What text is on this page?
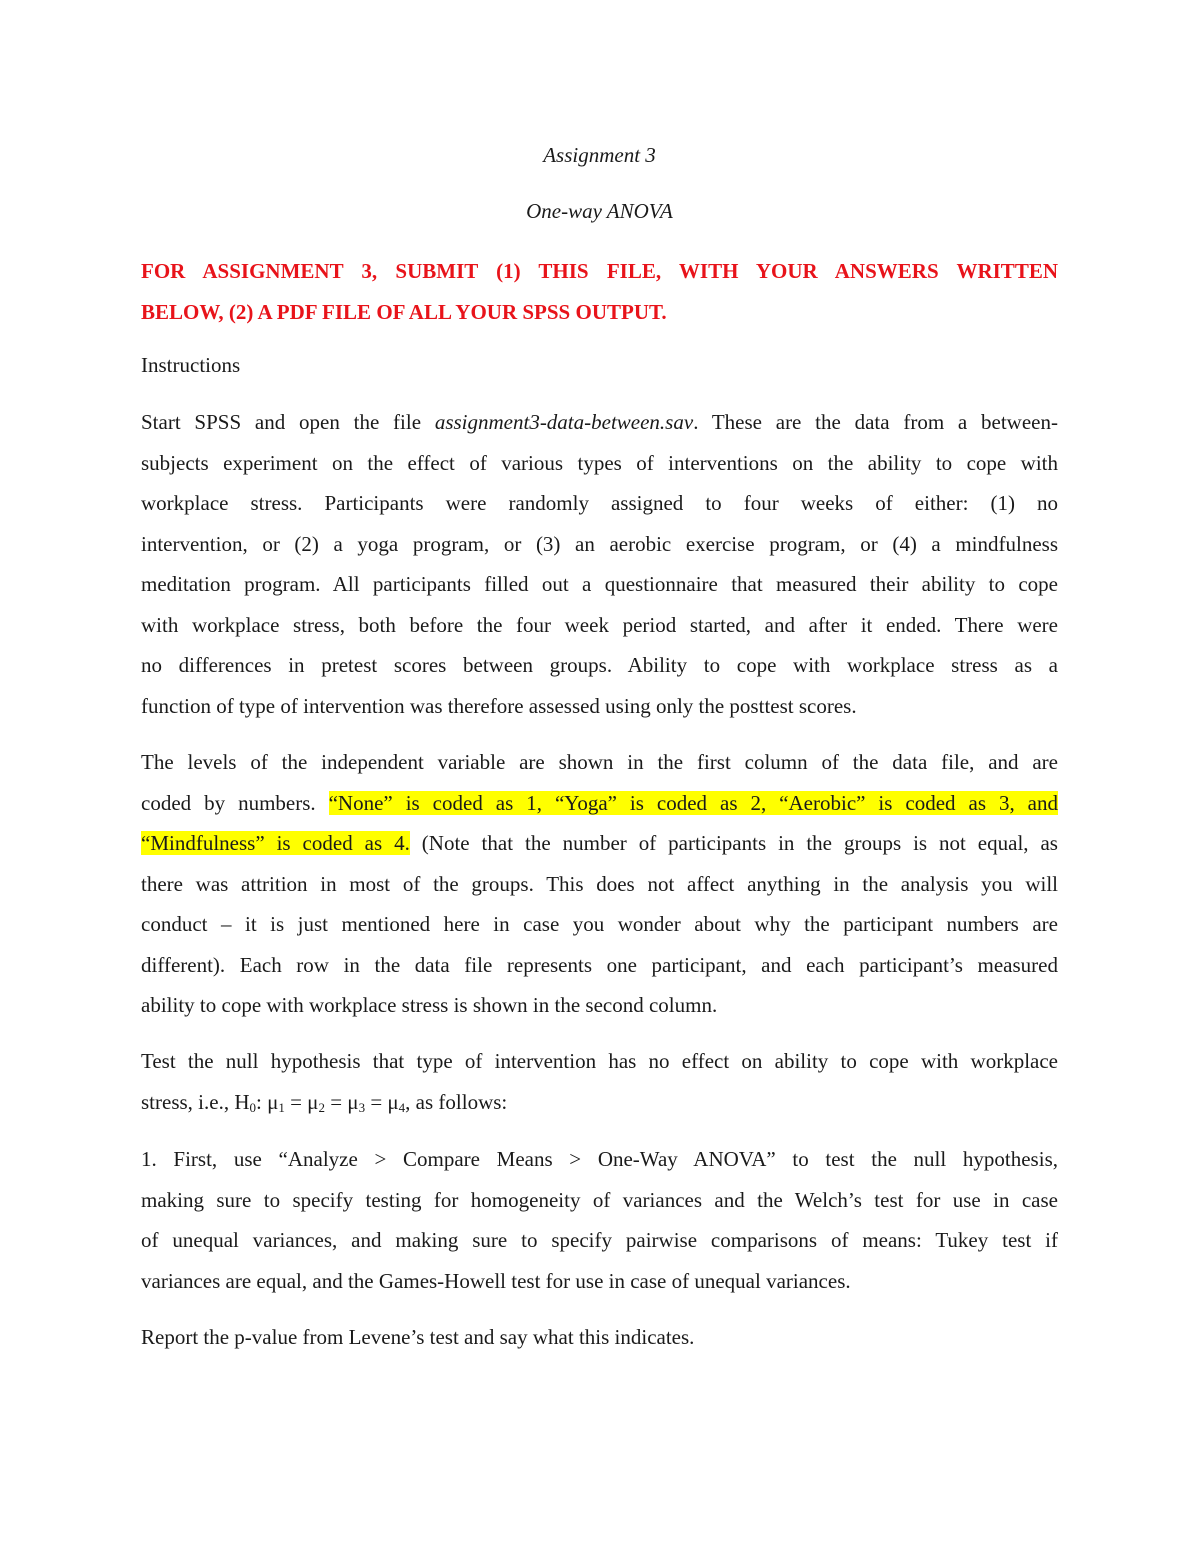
Assignment 3
One-way ANOVA
FOR ASSIGNMENT 3, SUBMIT (1) THIS FILE, WITH YOUR ANSWERS WRITTEN
BELOW, (2) A PDF FILE OF ALL YOUR SPSS OUTPUT.

Instructions

Start SPSS and open the file assignment3-data-between.sav. These are the data from a between-
subjects experiment on the effect of various types of interventions on the ability to cope with
workplace stress. Participants were randomly assigned to four weeks of either: (1) no
intervention, or (2) a yoga program, or (3) an aerobic exercise program, or (4) a mindfulness
meditation program. All participants filled out a questionnaire that measured their ability to cope
with workplace stress, both before the four week period started, and after it ended. There were
no differences in pretest scores between groups. Ability to cope with workplace stress as a
function of type of intervention was therefore assessed using only the posttest scores.

The levels of the independent variable are shown in the first column of the data file, and are
coded by numbers. “None” is coded as 1, “Yoga” is coded as 2, “Aerobic” is coded as 3, and
“Mindfulness” is coded as 4. (Note that the number of participants in the groups is not equal, as
there was attrition in most of the groups. This does not affect anything in the analysis you will
conduct – it is just mentioned here in case you wonder about why the participant numbers are
different). Each row in the data file represents one participant, and each participant’s measured
ability to cope with workplace stress is shown in the second column.

Test the null hypothesis that type of intervention has no effect on ability to cope with workplace
stress, i.e., $H_0$: $\mu_1 = \mu_2 = \mu_3 = \mu_4$, as follows:

1. First, use “Analyze > Compare Means > One-Way ANOVA” to test the null hypothesis,
making sure to specify testing for homogeneity of variances and the Welch’s test for use in case
of unequal variances, and making sure to specify pairwise comparisons of means: Tukey test if
variances are equal, and the Games-Howell test for use in case of unequal variances.

Report the p-value from Levene’s test and say what this indicates.
